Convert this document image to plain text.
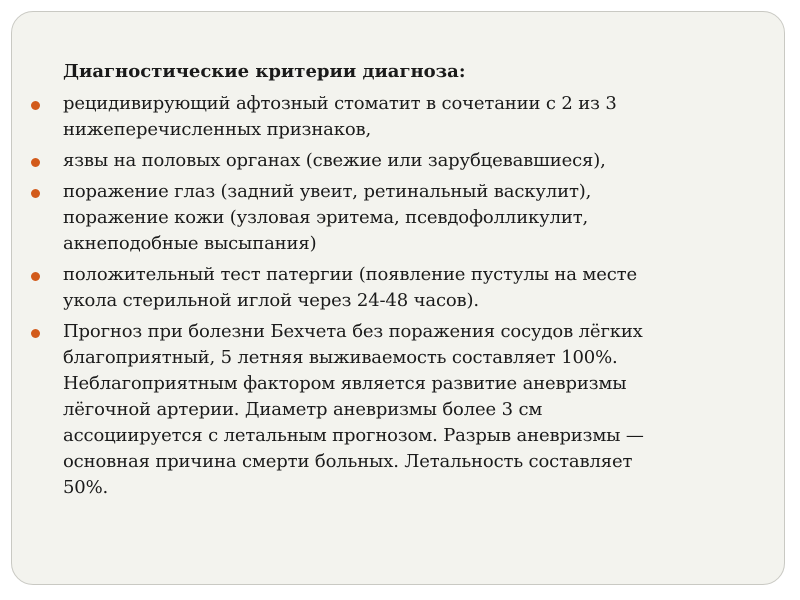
Диагностические критерии диагноза:
рецидивирующий афтозный стоматит в сочетании с 2 из 3
нижеперечисленных признаков,
язвы на половых органах (свежие или зарубцевавшиеся),
поражение глаз (задний увеит, ретинальный васкулит),
поражение кожи (узловая эритема, псевдофолликулит,
акнеподобные высыпания)
положительный тест патергии (появление пустулы на месте
укола стерильной иглой через 24-48 часов).
Прогноз при болезни Бехчета без поражения сосудов лёгких
благоприятный, 5 летняя выживаемость составляет 100%.
Неблагоприятным фактором является развитие аневризмы
лёгочной артерии. Диаметр аневризмы более 3 см
ассоциируется с летальным прогнозом. Разрыв аневризмы —
основная причина смерти больных. Летальность составляет
50%.
